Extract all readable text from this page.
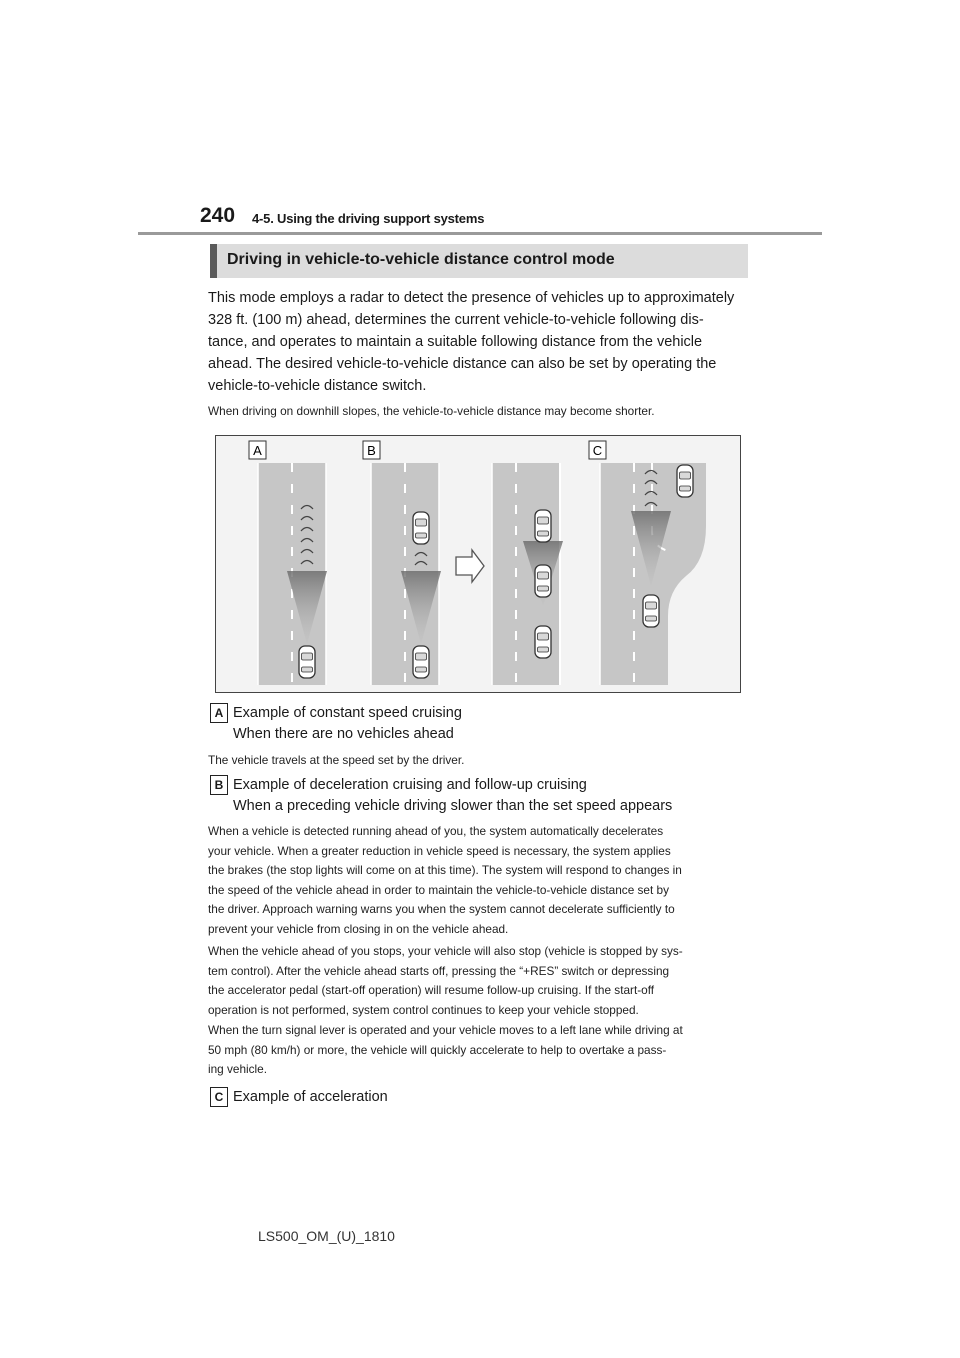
240 4-5. Using the driving support systems
Driving in vehicle-to-vehicle distance control mode
This mode employs a radar to detect the presence of vehicles up to approximately
328 ft. (100 m) ahead, determines the current vehicle-to-vehicle following dis-
tance, and operates to maintain a suitable following distance from the vehicle
ahead. The desired vehicle-to-vehicle distance can also be set by operating the
vehicle-to-vehicle distance switch.
When driving on downhill slopes, the vehicle-to-vehicle distance may become shorter.
A	B	C
A Example of constant speed cruising
When there are no vehicles ahead
The vehicle travels at the speed set by the driver.
B Example of deceleration cruising and follow-up cruising
When a preceding vehicle driving slower than the set speed appears
When a vehicle is detected running ahead of you, the system automatically decelerates
your vehicle. When a greater reduction in vehicle speed is necessary, the system applies
the brakes (the stop lights will come on at this time). The system will respond to changes in
the speed of the vehicle ahead in order to maintain the vehicle-to-vehicle distance set by
the driver. Approach warning warns you when the system cannot decelerate sufficiently to
prevent your vehicle from closing in on the vehicle ahead.
When the vehicle ahead of you stops, your vehicle will also stop (vehicle is stopped by sys-
tem control). After the vehicle ahead starts off, pressing the “+RES” switch or depressing
the accelerator pedal (start-off operation) will resume follow-up cruising. If the start-off
operation is not performed, system control continues to keep your vehicle stopped.
When the turn signal lever is operated and your vehicle moves to a left lane while driving at
50 mph (80 km/h) or more, the vehicle will quickly accelerate to help to overtake a pass-
ing vehicle.
C Example of acceleration
LS500_OM_(U)_1810
